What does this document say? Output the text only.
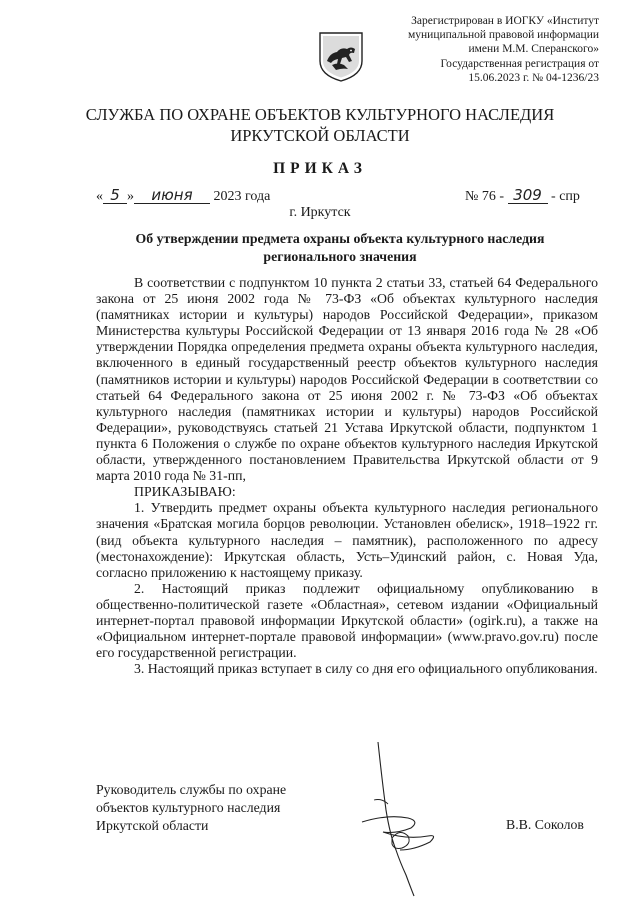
Зарегистрирован в ИОГКУ «Институт
муниципальной правовой информации
имени М.М. Сперанского»
Государственная регистрация от
15.06.2023 г. № 04-1236/23
СЛУЖБА ПО ОХРАНЕ ОБЪЕКТОВ КУЛЬТУРНОГО НАСЛЕДИЯ
ИРКУТСКОЙ ОБЛАСТИ
ПРИКАЗ
« 5 » июня 2023 года	№ 76 - 309 - спр
г. Иркутск
Об утверждении предмета охраны объекта культурного наследия регионального значения

В соответствии с подпунктом 10 пункта 2 статьи 33, статьей 64 Федерального закона от 25 июня 2002 года № 73-ФЗ «Об объектах культурного наследия (памятниках истории и культуры) народов Российской Федерации», приказом Министерства культуры Российской Федерации от 13 января 2016 года № 28 «Об утверждении Порядка определения предмета охраны объекта культурного наследия, включенного в единый государственный реестр объектов культурного наследия (памятников истории и культуры) народов Российской Федерации в соответствии со статьей 64 Федерального закона от 25 июня 2002 г. № 73-ФЗ «Об объектах культурного наследия (памятниках истории и культуры) народов Российской Федерации», руководствуясь статьей 21 Устава Иркутской области, подпунктом 1 пункта 6 Положения о службе по охране объектов культурного наследия Иркутской области, утвержденного постановлением Правительства Иркутской области от 9 марта 2010 года № 31-пп,

ПРИКАЗЫВАЮ:

1. Утвердить предмет охраны объекта культурного наследия регионального значения «Братская могила борцов революции. Установлен обелиск», 1918–1922 гг. (вид объекта культурного наследия – памятник), расположенного по адресу (местонахождение): Иркутская область, Усть–Удинский район, с. Новая Уда, согласно приложению к настоящему приказу.

2. Настоящий приказ подлежит официальному опубликованию в общественно-политической газете «Областная», сетевом издании «Официальный интернет-портал правовой информации Иркутской области» (ogirk.ru), а также на «Официальном интернет-портале правовой информации» (www.pravo.gov.ru) после его государственной регистрации.

3. Настоящий приказ вступает в силу со дня его официального опубликования.

Руководитель службы по охране
объектов культурного наследия
Иркутской области	В.В. Соколов
